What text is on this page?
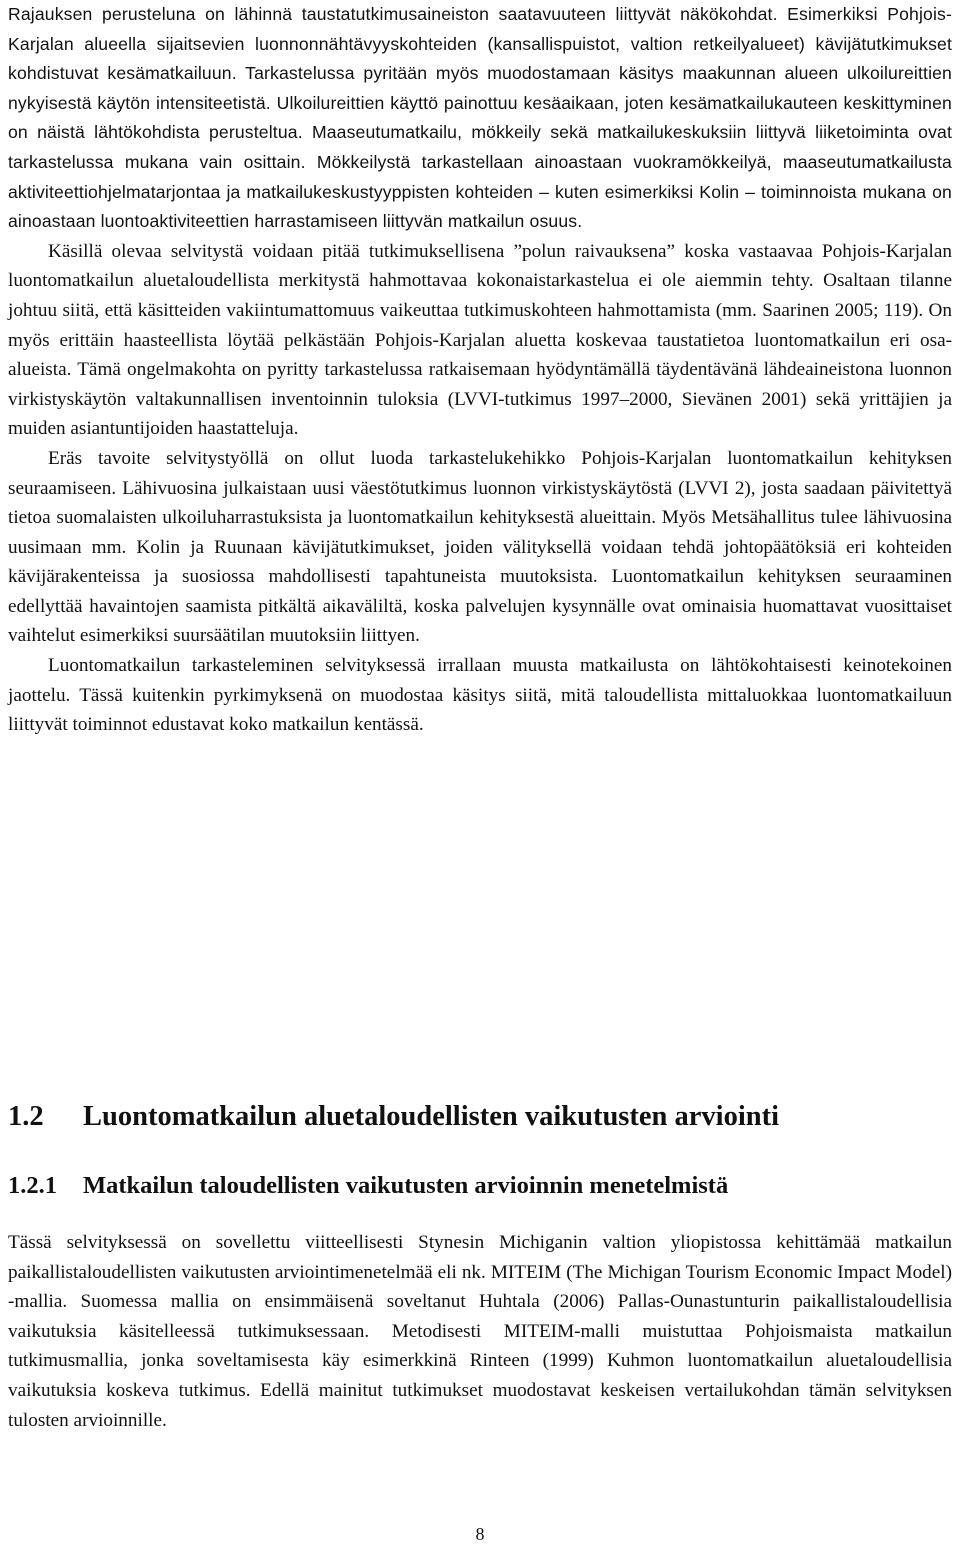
Rajauksen perusteluna on lähinnä taustatutkimusaineiston saatavuuteen liittyvät näkökohdat. Esimerkiksi Pohjois-Karjalan alueella sijaitsevien luonnonnähtävyyskohteiden (kansallispuistot, valtion retkeilyalueet) kävijätutkimukset kohdistuvat kesämatkailuun. Tarkastelussa pyritään myös muodostamaan käsitys maakunnan alueen ulkoilureittien nykyisestä käytön intensiteetistä. Ulkoilureittien käyttö painottuu kesäaikaan, joten kesämatkailukauteen keskittyminen on näistä lähtökohdista perusteltua. Maaseutumatkailu, mökkeily sekä matkailukeskuksiin liittyvä liiketoiminta ovat tarkastelussa mukana vain osittain. Mökkeilystä tarkastellaan ainoastaan vuokramökkeilyä, maaseutumatkailusta aktiviteettiohjelmatarjontaa ja matkailukeskustyyppisten kohteiden – kuten esimerkiksi Kolin – toiminnoista mukana on ainoastaan luontoaktiviteettien harrastamiseen liittyvän matkailun osuus.

Käsillä olevaa selvitystä voidaan pitää tutkimuksellisena ”polun raivauksena” koska vastaavaa Pohjois-Karjalan luontomatkailun aluetaloudellista merkitystä hahmottavaa kokonaistarkastelua ei ole aiemmin tehty. Osaltaan tilanne johtuu siitä, että käsitteiden vakiintumattomuus vaikeuttaa tutkimuskohteen hahmottamista (mm. Saarinen 2005; 119). On myös erittäin haasteellista löytää pelkästään Pohjois-Karjalan aluetta koskevaa taustatietoa luontomatkailun eri osa-alueista. Tämä ongelmakohta on pyritty tarkastelussa ratkaisemaan hyödyntämällä täydentävänä lähdeaineistona luonnon virkistyskäytön valtakunnallisen inventoinnin tuloksia (LVVI-tutkimus 1997–2000, Sievänen 2001) sekä yrittäjien ja muiden asiantuntijoiden haastatteluja.

Eräs tavoite selvitystyöllä on ollut luoda tarkastelukehikko Pohjois-Karjalan luontomatkailun kehityksen seuraamiseen. Lähivuosina julkaistaan uusi väestötutkimus luonnon virkistyskäytöstä (LVVI 2), josta saadaan päivitettyä tietoa suomalaisten ulkoiluharrastuksista ja luontomatkailun kehityksestä alueittain. Myös Metsähallitus tulee lähivuosina uusimaan mm. Kolin ja Ruunaan kävijätutkimukset, joiden välityksellä voidaan tehdä johtopäätöksiä eri kohteiden kävijärakenteissa ja suosiossa mahdollisesti tapahtuneista muutoksista. Luontomatkailun kehityksen seuraaminen edellyttää havaintojen saamista pitkältä aikaväliltä, koska palvelujen kysynnälle ovat ominaisia huomattavat vuosittaiset vaihtelut esimerkiksi suursäätilan muutoksiin liittyen.

Luontomatkailun tarkasteleminen selvityksessä irrallaan muusta matkailusta on lähtökohtaisesti keinotekoinen jaottelu. Tässä kuitenkin pyrkimyksenä on muodostaa käsitys siitä, mitä taloudellista mittaluokkaa luontomatkailuun liittyvät toiminnot edustavat koko matkailun kentässä.

1.2 Luontomatkailun aluetaloudellisten vaikutusten arviointi
1.2.1 Matkailun taloudellisten vaikutusten arvioinnin menetelmistä

Tässä selvityksessä on sovellettu viitteellisesti Stynesin Michiganin valtion yliopistossa kehittämää matkailun paikallistaloudellisten vaikutusten arviointimenetelmää eli nk. MITEIM (The Michigan Tourism Economic Impact Model) -mallia. Suomessa mallia on ensimmäisenä soveltanut Huhtala (2006) Pallas-Ounastunturin paikallistaloudellisia vaikutuksia käsitelleessä tutkimuksessaan. Metodisesti MITEIM-malli muistuttaa Pohjoismaista matkailun tutkimusmallia, jonka soveltamisesta käy esimerkkinä Rinteen (1999) Kuhmon luontomatkailun aluetaloudellisia vaikutuksia koskeva tutkimus. Edellä mainitut tutkimukset muodostavat keskeisen vertailukohdan tämän selvityksen tulosten arvioinnille.

8
